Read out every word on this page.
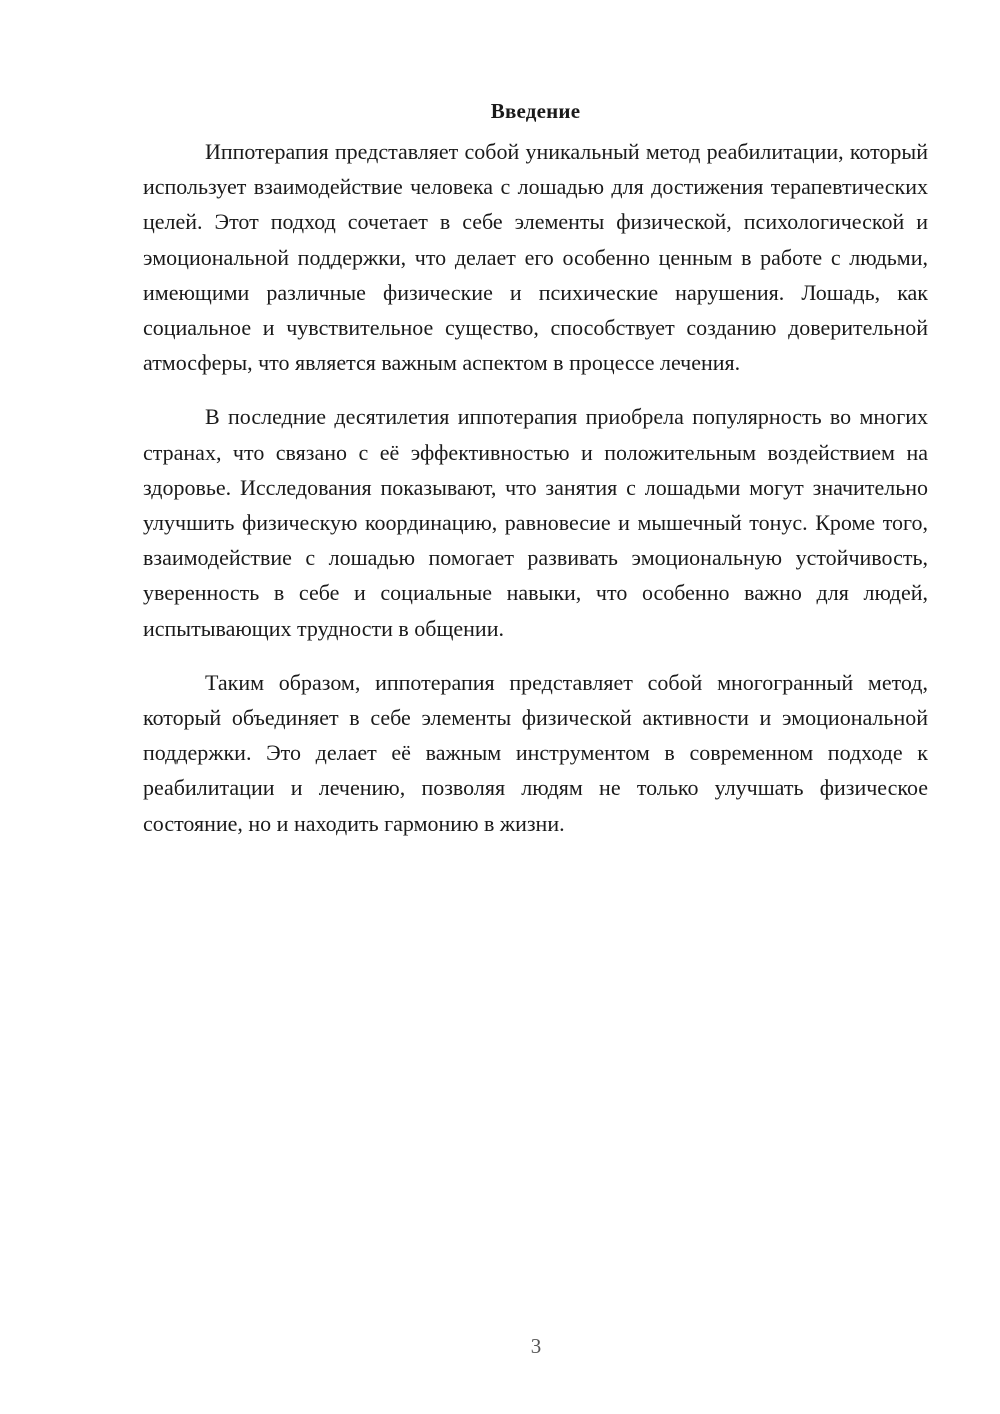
Введение

Иппотерапия представляет собой уникальный метод реабилитации, который использует взаимодействие человека с лошадью для достижения терапевтических целей. Этот подход сочетает в себе элементы физической, психологической и эмоциональной поддержки, что делает его особенно ценным в работе с людьми, имеющими различные физические и психические нарушения. Лошадь, как социальное и чувствительное существо, способствует созданию доверительной атмосферы, что является важным аспектом в процессе лечения.

В последние десятилетия иппотерапия приобрела популярность во многих странах, что связано с её эффективностью и положительным воздействием на здоровье. Исследования показывают, что занятия с лошадьми могут значительно улучшить физическую координацию, равновесие и мышечный тонус. Кроме того, взаимодействие с лошадью помогает развивать эмоциональную устойчивость, уверенность в себе и социальные навыки, что особенно важно для людей, испытывающих трудности в общении.

Таким образом, иппотерапия представляет собой многогранный метод, который объединяет в себе элементы физической активности и эмоциональной поддержки. Это делает её важным инструментом в современном подходе к реабилитации и лечению, позволяя людям не только улучшать физическое состояние, но и находить гармонию в жизни.

3
